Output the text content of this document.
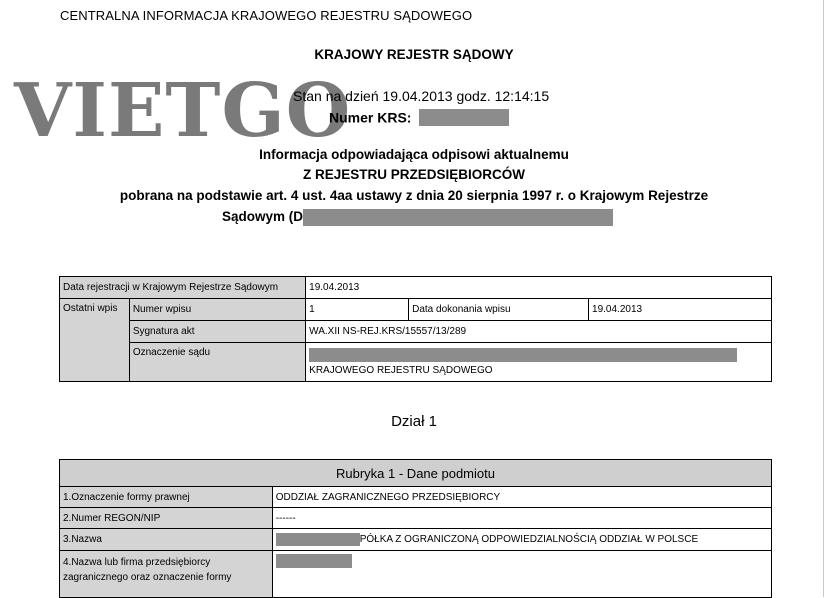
CENTRALNA INFORMACJA KRAJOWEGO REJESTRU SĄDOWEGO
KRAJOWY REJESTR SĄDOWY
VIETGO
Stan na dzień 19.04.2013 godz. 12:14:15
Numer KRS:
Informacja odpowiadająca odpisowi aktualnemu
Z REJESTRU PRZEDSIĘBIORCÓW
pobrana na podstawie art. 4 ust. 4aa ustawy z dnia 20 sierpnia 1997 r. o Krajowym Rejestrze
Sądowym (D
Data rejestracji w Krajowym Rejestrze Sądowym		19.04.2013		
Ostatni wpis	Numer wpisu	1	Data dokonania wpisu	19.04.2013
	Sygnatura akt	WA.XII NS-REJ.KRS/15557/13/289		
	Oznaczenie sądu	KRAJOWEGO REJESTRU SĄDOWEGO		
Dział 1
Rubryka 1 - Dane podmiotu	
1.Oznaczenie formy prawnej	ODDZIAŁ ZAGRANICZNEGO PRZEDSIĘBIORCY
2.Numer REGON/NIP	------
3.Nazwa	PÓŁKA Z OGRANICZONĄ ODPOWIEDZIALNOŚCIĄ ODDZIAŁ W POLSCE
4.Nazwa lub firma przedsiębiorcy zagranicznego oraz oznaczenie formy	
